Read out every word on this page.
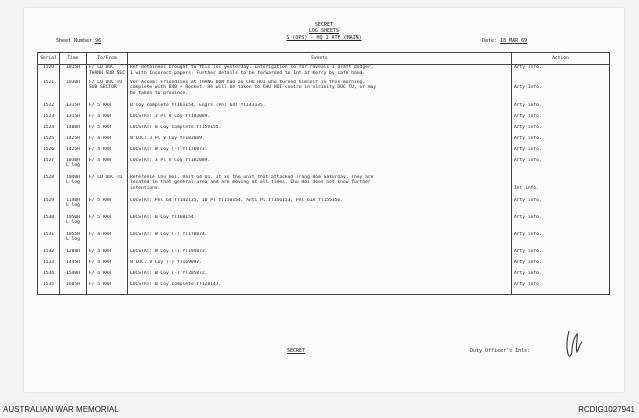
SECRET
LOG SHEETS
S (OPS) - HQ 1 ATF (MAIN)
Sheet Number 96	Date: 18 MAR 69
Serial	Time	To/From	Events	Action
1520	1015H	F/ LO DUC
THANH SUB SEC	Ref detainees brought to this loc yesterday. Interigation so far reveals 1 draft dodger,
1 with incorect papers. Further details to be forwarded to Int at Kerry by safe hand.	Arty Info.
1521	1030H	F/ LO DUC TU
SUB SECTOR	Ver Accom: Friendlies at THANG DON had an CHU HOI who turned himself in this morning,
complete with B40 + Rocket. He will be taken to CHU HOI centre in vicinity DUC TU, or may
be taken to province.	
Arty Info.
1522	1315H	F/ 5 RAR	B Coy complete YT161154, Engrs (Pnl 64) YT143135.	Arty info.
1523	1315H	F/ 4 RAR	LOCSTAT: 3 Pl V Coy YT183089.	Arty info.
1524	1400H	F/ 5 RAR	LOCSTAT: B Coy complete YT159155.	Arty info.
1525	1425H	F/ 4 RAR	N'LOC: 3 Pl V Coy YT183089.	Arty info.
1526	1425H	F/ 4 RAR	LOCSTAT: W Coy (-) YT170073.	Arty info.
1527	1030H
L log	F/ 4 RAR	LOCSTAT: 3 Pl V Coy YT182089.	Arty info.
1528	1040H
L log	F/ LO DUC TU	Reference Chu Hoi, Unit 64 U1. It is the unit that attacked Trang Bom Saturday. They are
located in that general area and are moving at all times. Chu Hoi does not know further
intentions.	

Int info.
1529	1140H
L log	F/ 5 RAR	LOCSTAT: Pnl 64 YT142135, 10 Pl YT150154, Anti Pl YT156153, Pnl 61A YT155156.	Arty info.
1530	1050H
L log	F/ 5 RAR	LOCSTAT: B Coy YT160154	Arty info.
1531	1055H
L log	F/ 4 RAR	LOCSTAT: W Coy (-) YT170074.	Arty info.
1532	1208H	F/ 4 RAR	LOCSTAT: W Coy (-) YT194073.	Arty info.
1533	1445H	F/ 4 RAR	N'LOC: V Coy (-) YT169097.	Arty info.
1534	1540H	F/ 4 RAR	LOCSTAT: W Coy (-) YT205072.	Arty info.
1535	1605H	F/ 5 RAR	LOCSTAT: B Coy complete YT128147.	Arty info
SECRET	Duty Officer's Inls:
AUSTRALIAN WAR MEMORIAL	RCDIG1027941
